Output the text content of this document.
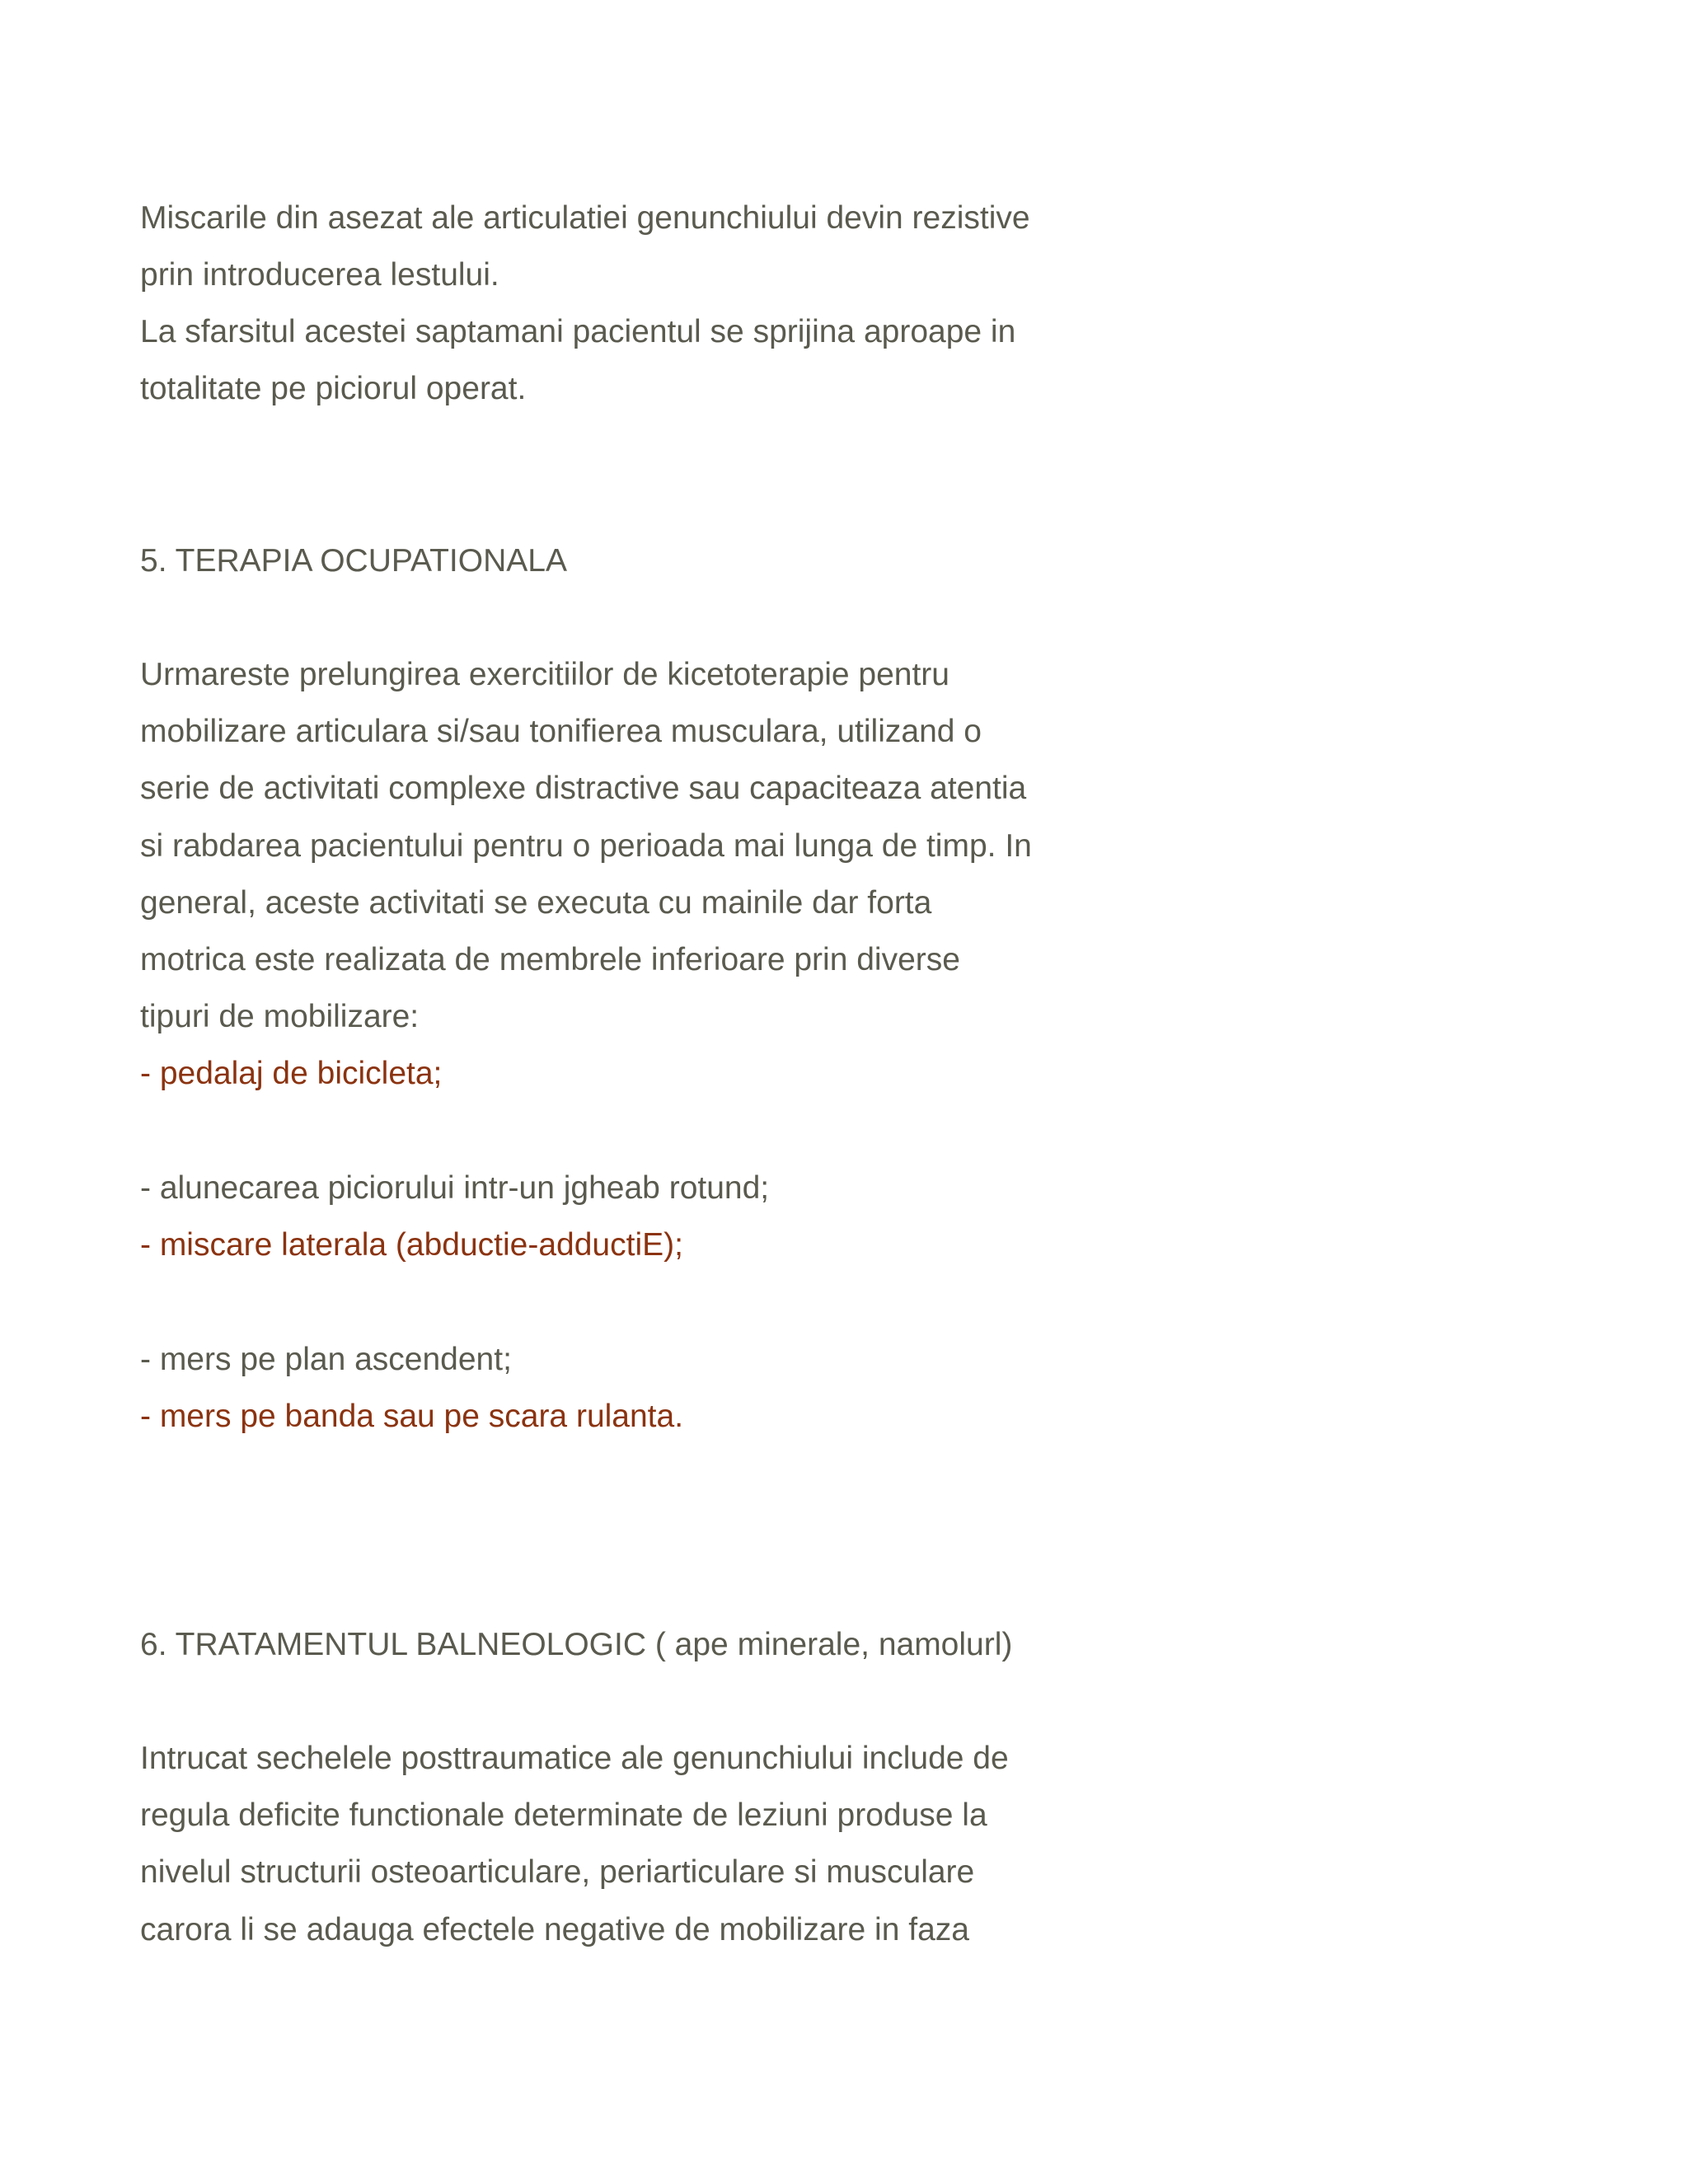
Miscarile din asezat ale articulatiei genunchiului devin rezistive

prin introducerea lestului.

La sfarsitul acestei saptamani pacientul se sprijina aproape in

totalitate pe piciorul operat.

5. TERAPIA OCUPATIONALA

Urmareste prelungirea exercitiilor de kicetoterapie pentru

mobilizare articulara si/sau tonifierea musculara, utilizand o

serie de activitati complexe distractive sau capaciteaza atentia

si rabdarea pacientului pentru o perioada mai lunga de timp. In

general, aceste activitati se executa cu mainile dar forta

motrica este realizata de membrele inferioare prin diverse

tipuri de mobilizare:

- pedalaj de bicicleta;

- alunecarea piciorului intr-un jgheab rotund;

- miscare laterala (abductie-adductiE);

- mers pe plan ascendent;

- mers pe banda sau pe scara rulanta.

6. TRATAMENTUL BALNEOLOGIC ( ape minerale, namolurl)

Intrucat sechelele posttraumatice ale genunchiului include de

regula deficite functionale determinate de leziuni produse la

nivelul structurii osteoarticulare, periarticulare si musculare

carora li se adauga efectele negative de mobilizare in faza
